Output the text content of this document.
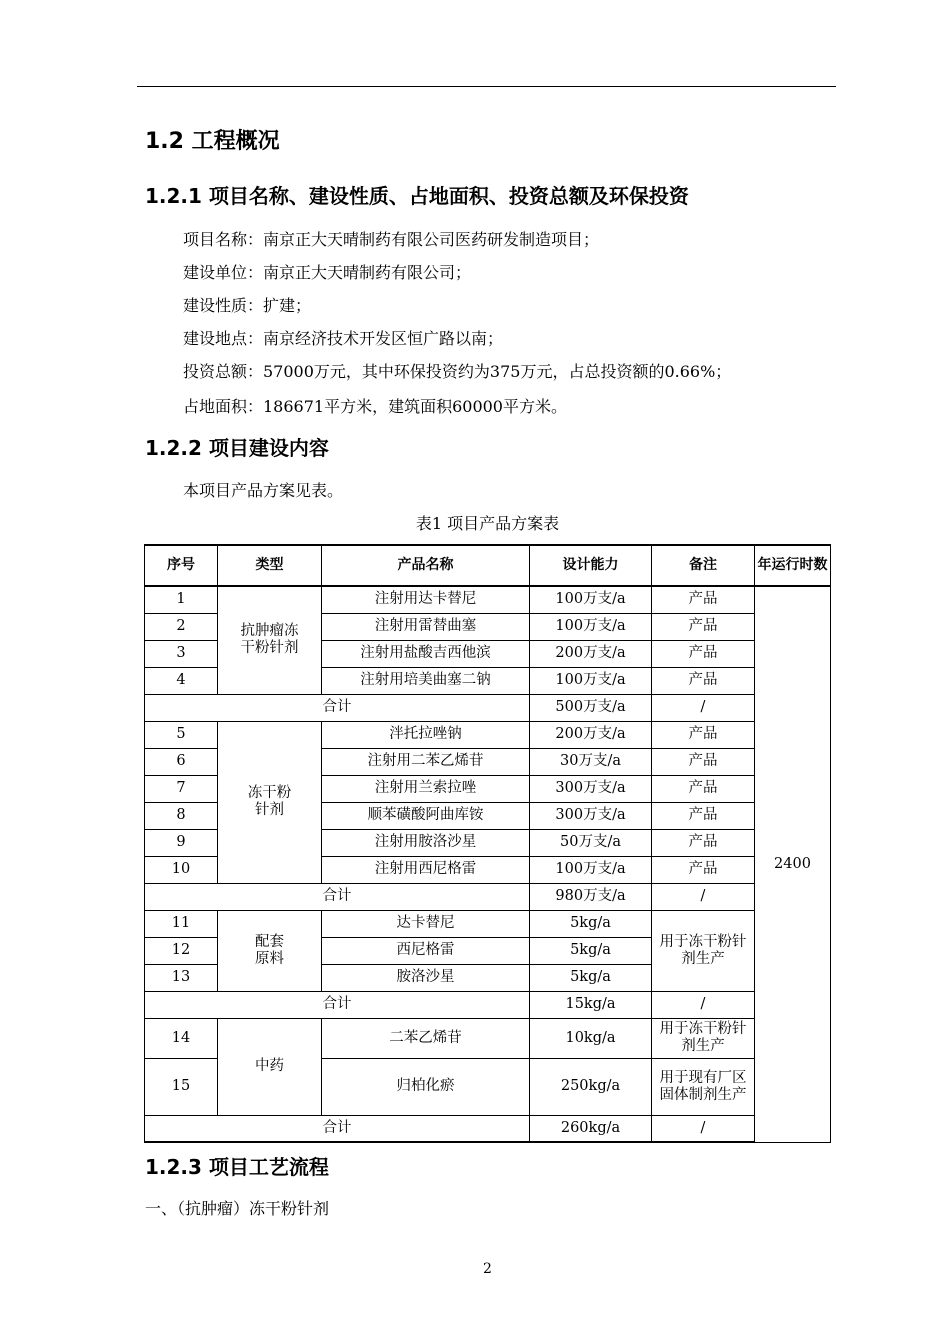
1.2 工程概况
1.2.1 项目名称、建设性质、占地面积、投资总额及环保投资
项目名称：南京正大天晴制药有限公司医药研发制造项目；
建设单位：南京正大天晴制药有限公司；
建设性质：扩建；
建设地点：南京经济技术开发区恒广路以南；
投资总额：57000万元，其中环保投资约为375万元，占总投资额的0.66%；
占地面积：186671平方米，建筑面积60000平方米。
1.2.2 项目建设内容
本项目产品方案见表。
表1 项目产品方案表
序号	类型	产品名称	设计能力	备注	年运行时数
1	抗肿瘤冻干粉针剂	注射用达卡替尼	100万支/a	产品	2400
2		注射用雷替曲塞	100万支/a	产品	
3		注射用盐酸吉西他滨	200万支/a	产品	
4		注射用培美曲塞二钠	100万支/a	产品	
合计			500万支/a	/	
5	冻干粉针剂	泮托拉唑钠	200万支/a	产品	
6		注射用二苯乙烯苷	30万支/a	产品	
7		注射用兰索拉唑	300万支/a	产品	
8		顺苯磺酸阿曲库铵	300万支/a	产品	
9		注射用胺洛沙星	50万支/a	产品	
10		注射用西尼格雷	100万支/a	产品	
合计			980万支/a	/	
11	配套原料	达卡替尼	5kg/a	用于冻干粉针剂生产	

12		西尼格雷	5kg/a		
13		胺洛沙星	5kg/a		
合计			15kg/a	/	
14	中药	二苯乙烯苷	10kg/a	用于冻干粉针剂生产	

15		归柏化瘀	250kg/a	用于现有厂区固体制剂生产	

合计			260kg/a	/	
1.2.3 项目工艺流程
一、（抗肿瘤）冻干粉针剂
2
